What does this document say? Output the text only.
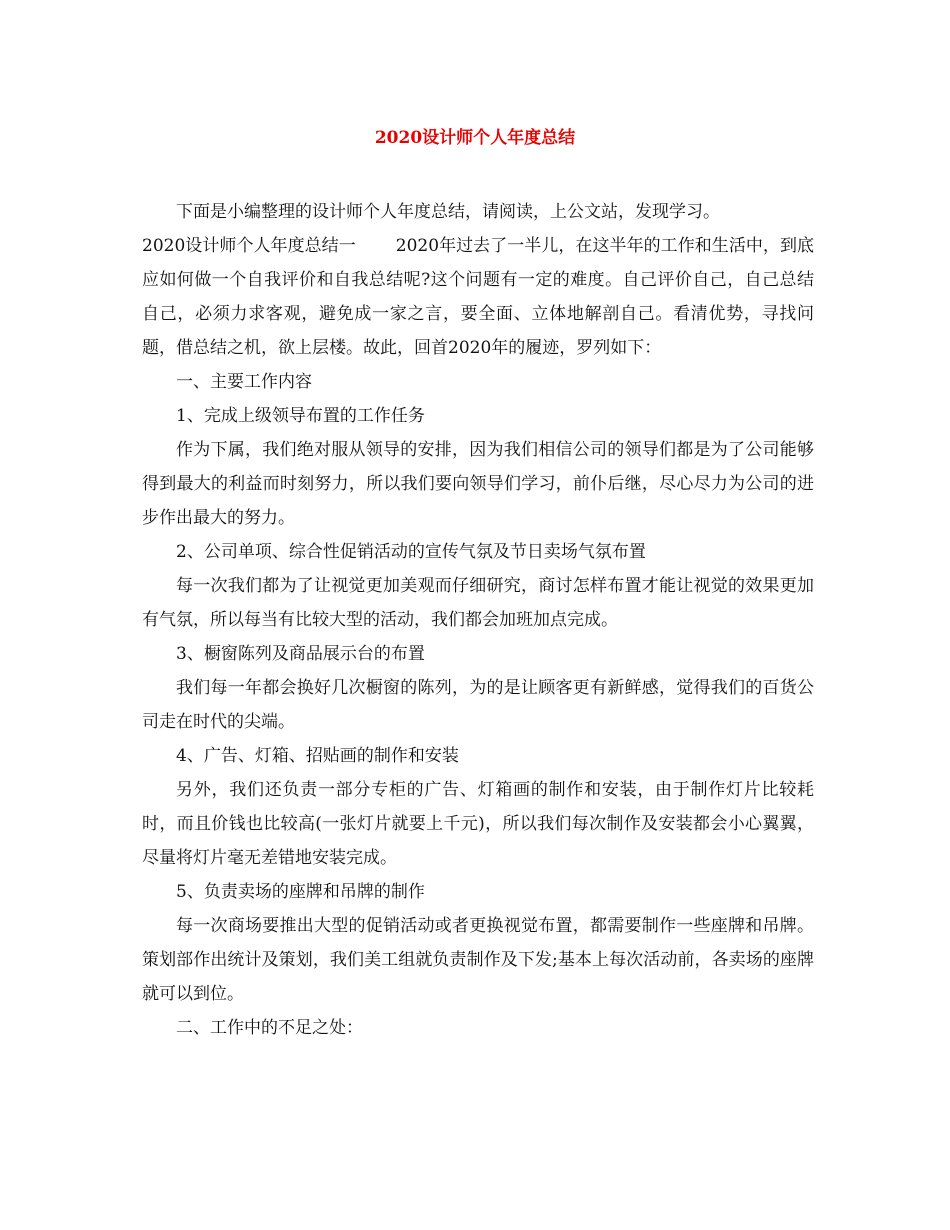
2020设计师个人年度总结

下面是小编整理的设计师个人年度总结，请阅读，上公文站，发现学习。

2020设计师个人年度总结一 2020年过去了一半儿，在这半年的工作和生活中，到底应如何做一个自我评价和自我总结呢?这个问题有一定的难度。自己评价自己，自己总结自己，必须力求客观，避免成一家之言，要全面、立体地解剖自己。看清优势，寻找问题，借总结之机，欲上层楼。故此，回首2020年的履迹，罗列如下：

一、主要工作内容

1、完成上级领导布置的工作任务

作为下属，我们绝对服从领导的安排，因为我们相信公司的领导们都是为了公司能够得到最大的利益而时刻努力，所以我们要向领导们学习，前仆后继，尽心尽力为公司的进步作出最大的努力。

2、公司单项、综合性促销活动的宣传气氛及节日卖场气氛布置

每一次我们都为了让视觉更加美观而仔细研究，商讨怎样布置才能让视觉的效果更加有气氛，所以每当有比较大型的活动，我们都会加班加点完成。

3、橱窗陈列及商品展示台的布置

我们每一年都会换好几次橱窗的陈列，为的是让顾客更有新鲜感，觉得我们的百货公司走在时代的尖端。

4、广告、灯箱、招贴画的制作和安装

另外，我们还负责一部分专柜的广告、灯箱画的制作和安装，由于制作灯片比较耗时，而且价钱也比较高(一张灯片就要上千元)，所以我们每次制作及安装都会小心翼翼，尽量将灯片毫无差错地安装完成。

5、负责卖场的座牌和吊牌的制作

每一次商场要推出大型的促销活动或者更换视觉布置，都需要制作一些座牌和吊牌。策划部作出统计及策划，我们美工组就负责制作及下发;基本上每次活动前，各卖场的座牌就可以到位。

二、工作中的不足之处：
